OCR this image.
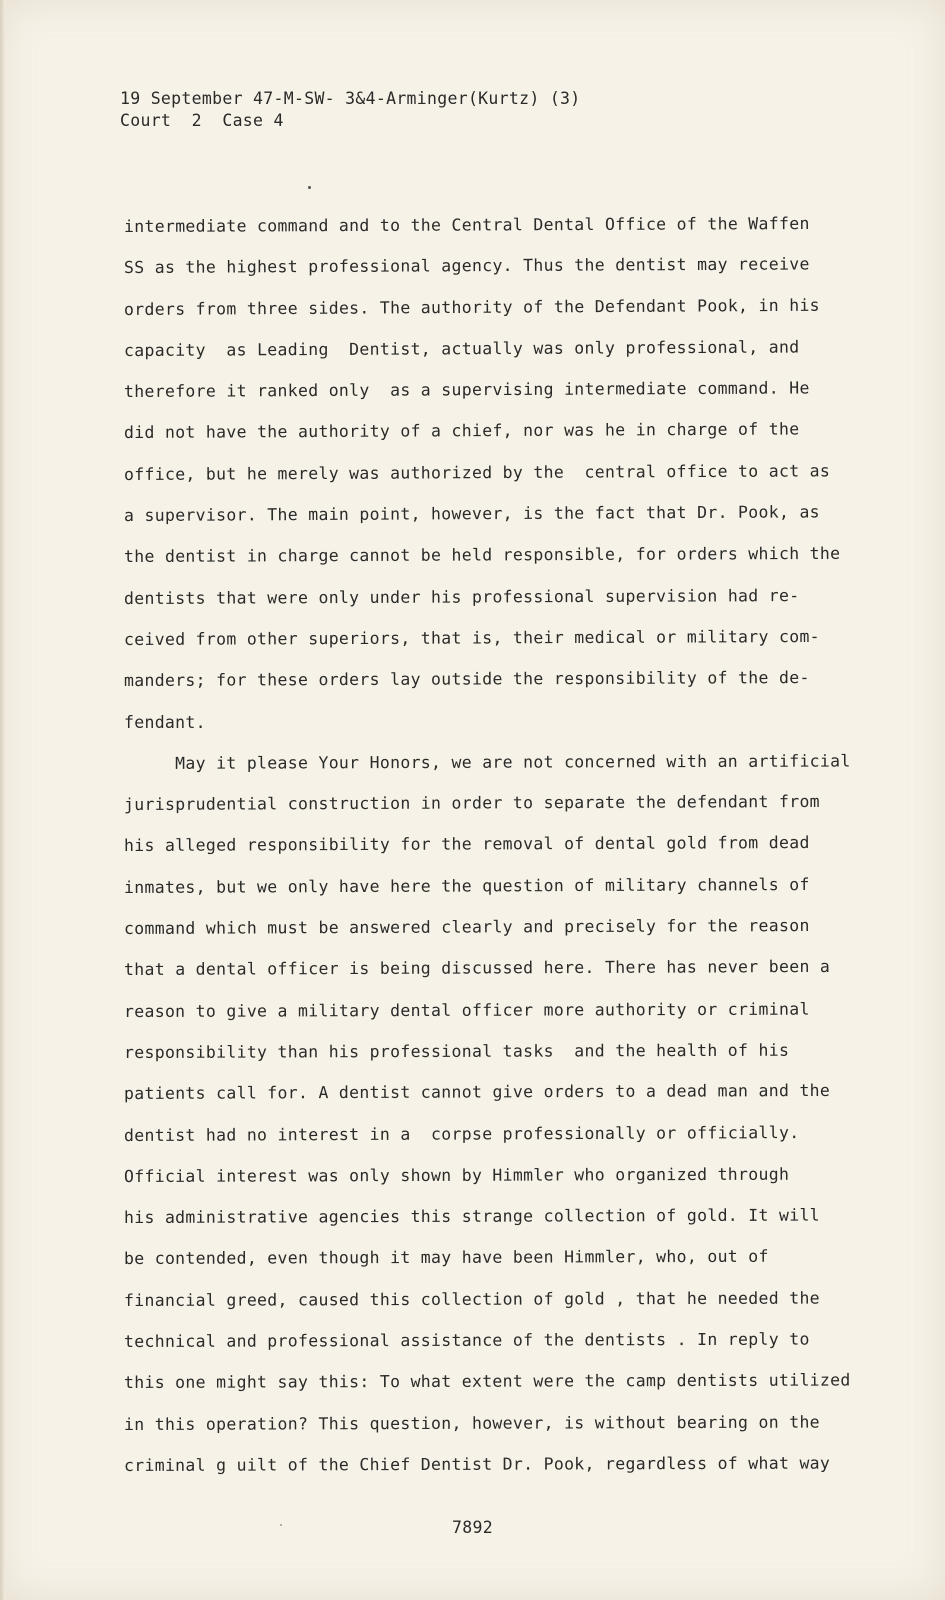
19 September 47-M-SW- 3&4-Arminger(Kurtz) (3)
Court  2  Case 4
intermediate command and to the Central Dental Office of the Waffen
SS as the highest professional agency. Thus the dentist may receive
orders from three sides. The authority of the Defendant Pook, in his
capacity  as Leading  Dentist, actually was only professional, and
therefore it ranked only  as a supervising intermediate command. He
did not have the authority of a chief, nor was he in charge of the
office, but he merely was authorized by the  central office to act as
a supervisor. The main point, however, is the fact that Dr. Pook, as
the dentist in charge cannot be held responsible, for orders which the
dentists that were only under his professional supervision had re-
ceived from other superiors, that is, their medical or military com-
manders; for these orders lay outside the responsibility of the de-
fendant.
May it please Your Honors, we are not concerned with an artificial
jurisprudential construction in order to separate the defendant from
his alleged responsibility for the removal of dental gold from dead
inmates, but we only have here the question of military channels of
command which must be answered clearly and precisely for the reason
that a dental officer is being discussed here. There has never been a
reason to give a military dental officer more authority or criminal
responsibility than his professional tasks  and the health of his
patients call for. A dentist cannot give orders to a dead man and the
dentist had no interest in a  corpse professionally or officially.
Official interest was only shown by Himmler who organized through
his administrative agencies this strange collection of gold. It will
be contended, even though it may have been Himmler, who, out of
financial greed, caused this collection of gold , that he needed the
technical and professional assistance of the dentists . In reply to
this one might say this: To what extent were the camp dentists utilized
in this operation? This question, however, is without bearing on the
criminal g uilt of the Chief Dentist Dr. Pook, regardless of what way
7892
